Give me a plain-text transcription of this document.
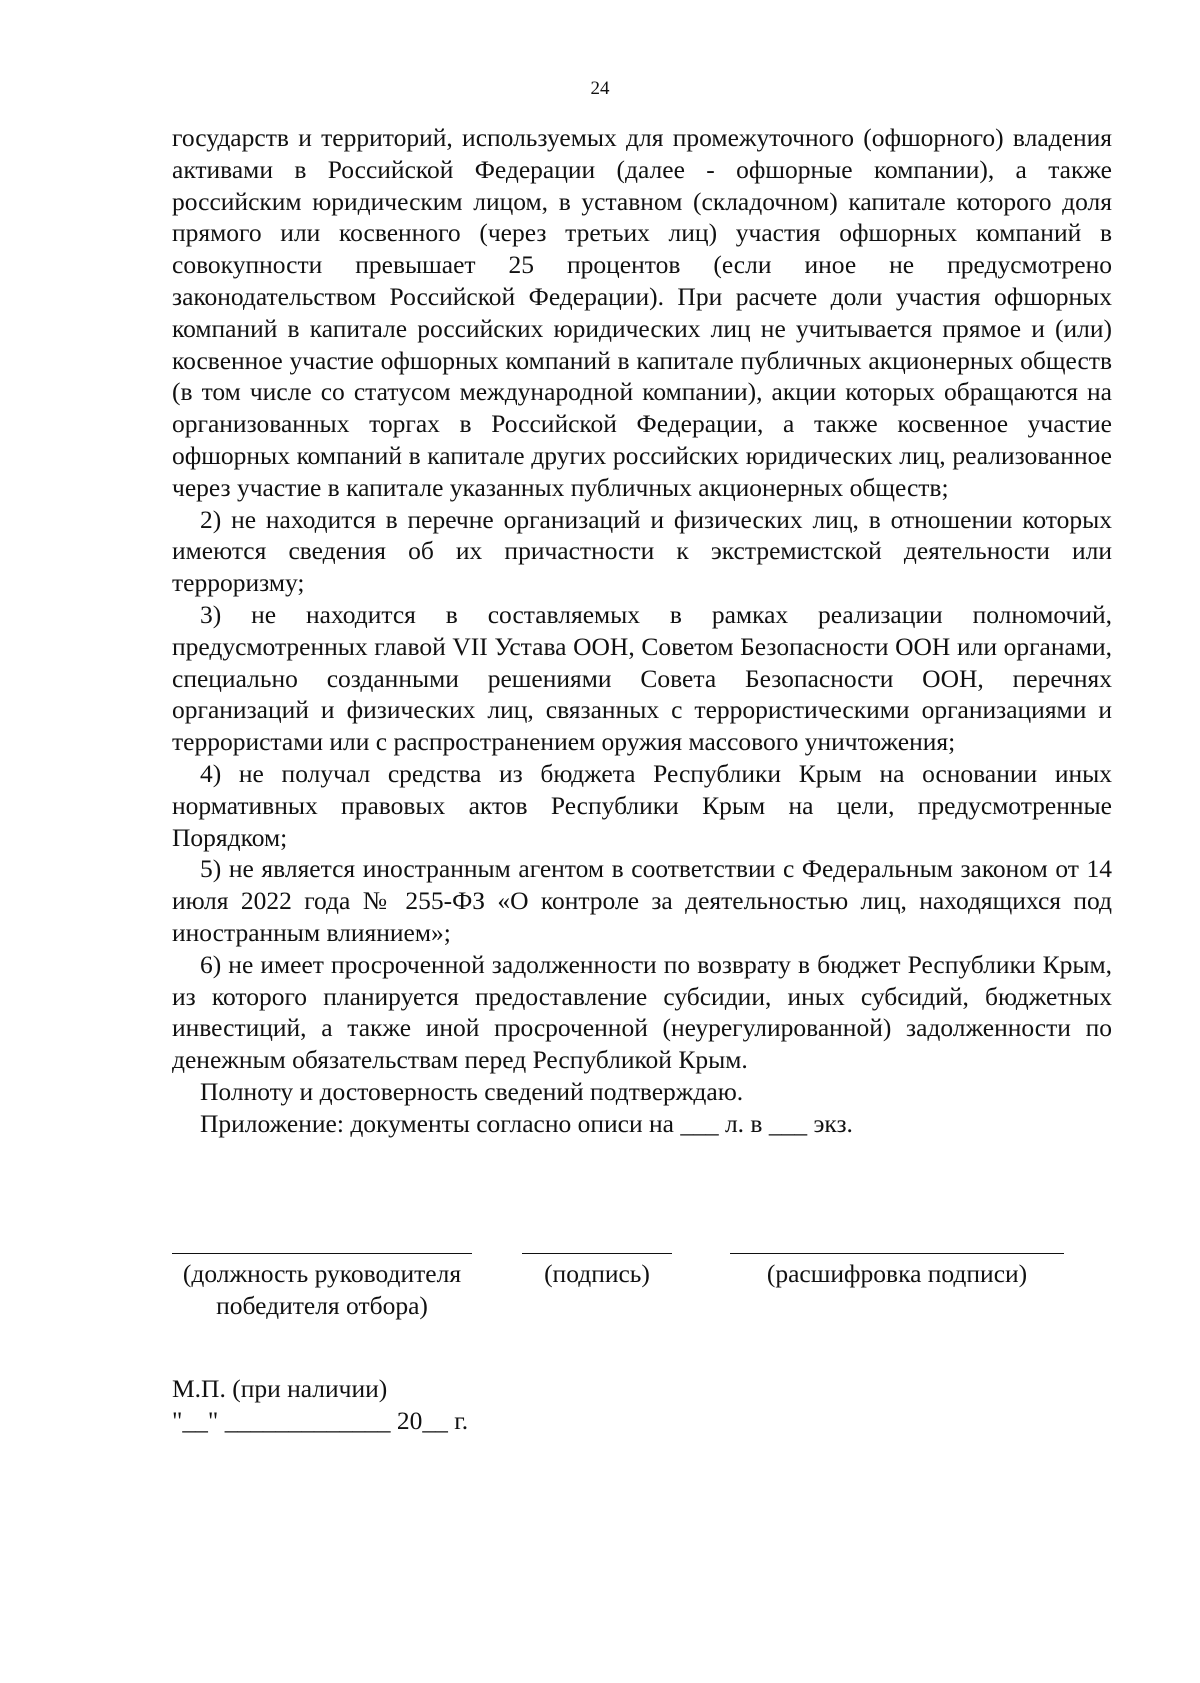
24

государств и территорий, используемых для промежуточного (офшорного) владения активами в Российской Федерации (далее - офшорные компании), а также российским юридическим лицом, в уставном (складочном) капитале которого доля прямого или косвенного (через третьих лиц) участия офшорных компаний в совокупности превышает 25 процентов (если иное не предусмотрено законодательством Российской Федерации). При расчете доли участия офшорных компаний в капитале российских юридических лиц не учитывается прямое и (или) косвенное участие офшорных компаний в капитале публичных акционерных обществ (в том числе со статусом международной компании), акции которых обращаются на организованных торгах в Российской Федерации, а также косвенное участие офшорных компаний в капитале других российских юридических лиц, реализованное через участие в капитале указанных публичных акционерных обществ;

2) не находится в перечне организаций и физических лиц, в отношении которых имеются сведения об их причастности к экстремистской деятельности или терроризму;

3) не находится в составляемых в рамках реализации полномочий, предусмотренных главой VII Устава ООН, Советом Безопасности ООН или органами, специально созданными решениями Совета Безопасности ООН, перечнях организаций и физических лиц, связанных с террористическими организациями и террористами или с распространением оружия массового уничтожения;

4) не получал средства из бюджета Республики Крым на основании иных нормативных правовых актов Республики Крым на цели, предусмотренные Порядком;

5) не является иностранным агентом в соответствии с Федеральным законом от 14 июля 2022 года № 255-ФЗ «О контроле за деятельностью лиц, находящихся под иностранным влиянием»;

6) не имеет просроченной задолженности по возврату в бюджет Республики Крым, из которого планируется предоставление субсидии, иных субсидий, бюджетных инвестиций, а также иной просроченной (неурегулированной) задолженности по денежным обязательствам перед Республикой Крым.

Полноту и достоверность сведений подтверждаю.

Приложение: документы согласно описи на ___ л. в ___ экз.

(должность руководителя
победителя отбора)
(подпись)	(расшифровка подписи)
М.П. (при наличии)
"__" _____________ 20__ г.
